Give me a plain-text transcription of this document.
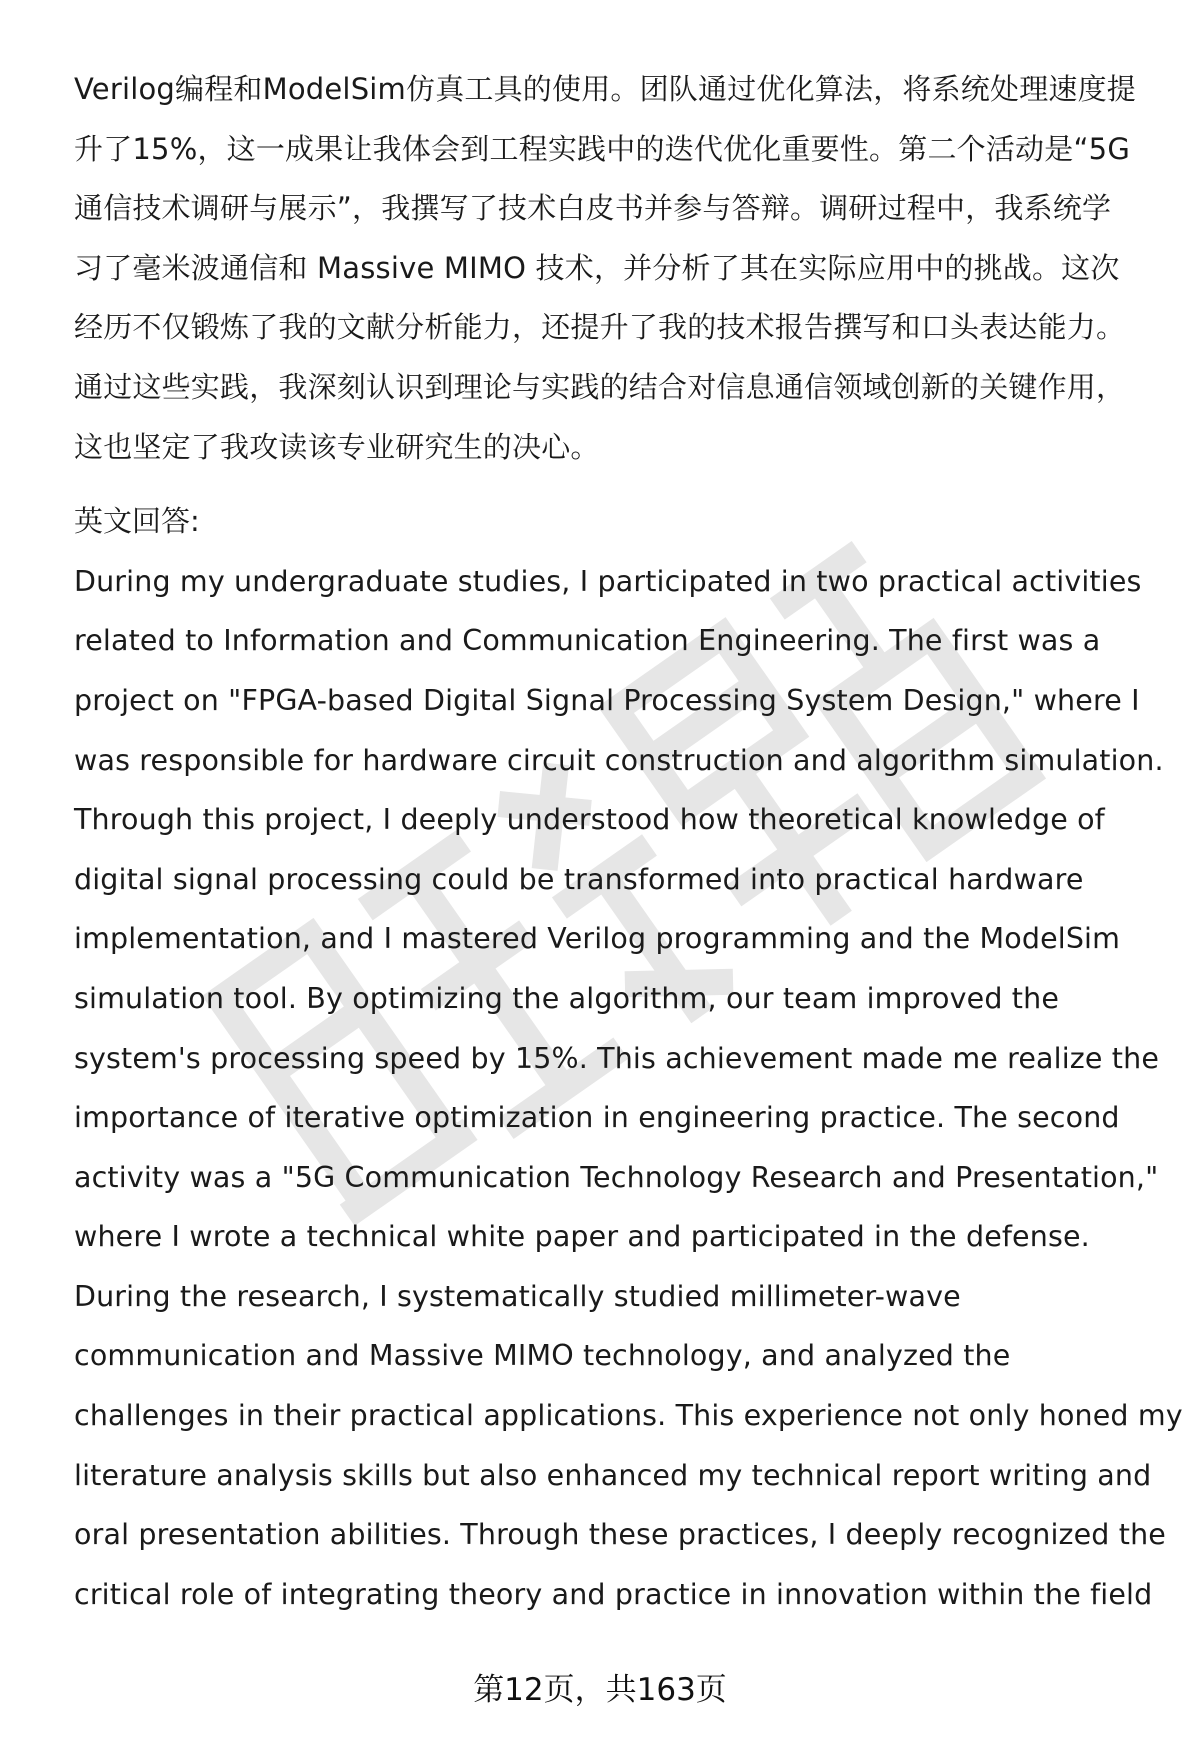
Verilog编程和ModelSim仿真工具的使用。团队通过优化算法，将系统处理速度提
升了15%，这一成果让我体会到工程实践中的迭代优化重要性。第二个活动是“5G
通信技术调研与展示”，我撰写了技术白皮书并参与答辩。调研过程中，我系统学
习了毫米波通信和 Massive MIMO 技术，并分析了其在实际应用中的挑战。这次
经历不仅锻炼了我的文献分析能力，还提升了我的技术报告撰写和口头表达能力。
通过这些实践，我深刻认识到理论与实践的结合对信息通信领域创新的关键作用，
这也坚定了我攻读该专业研究生的决心。
英文回答:
During my undergraduate studies, I participated in two practical activities
related to Information and Communication Engineering. The first was a
project on "FPGA-based Digital Signal Processing System Design," where I
was responsible for hardware circuit construction and algorithm simulation.
Through this project, I deeply understood how theoretical knowledge of
digital signal processing could be transformed into practical hardware
implementation, and I mastered Verilog programming and the ModelSim
simulation tool. By optimizing the algorithm, our team improved the
system's processing speed by 15%. This achievement made me realize the
importance of iterative optimization in engineering practice. The second
activity was a "5G Communication Technology Research and Presentation,"
where I wrote a technical white paper and participated in the defense.
During the research, I systematically studied millimeter-wave
communication and Massive MIMO technology, and analyzed the
challenges in their practical applications. This experience not only honed my
literature analysis skills but also enhanced my technical report writing and
oral presentation abilities. Through these practices, I deeply recognized the
critical role of integrating theory and practice in innovation within the field
第12页，共163页
